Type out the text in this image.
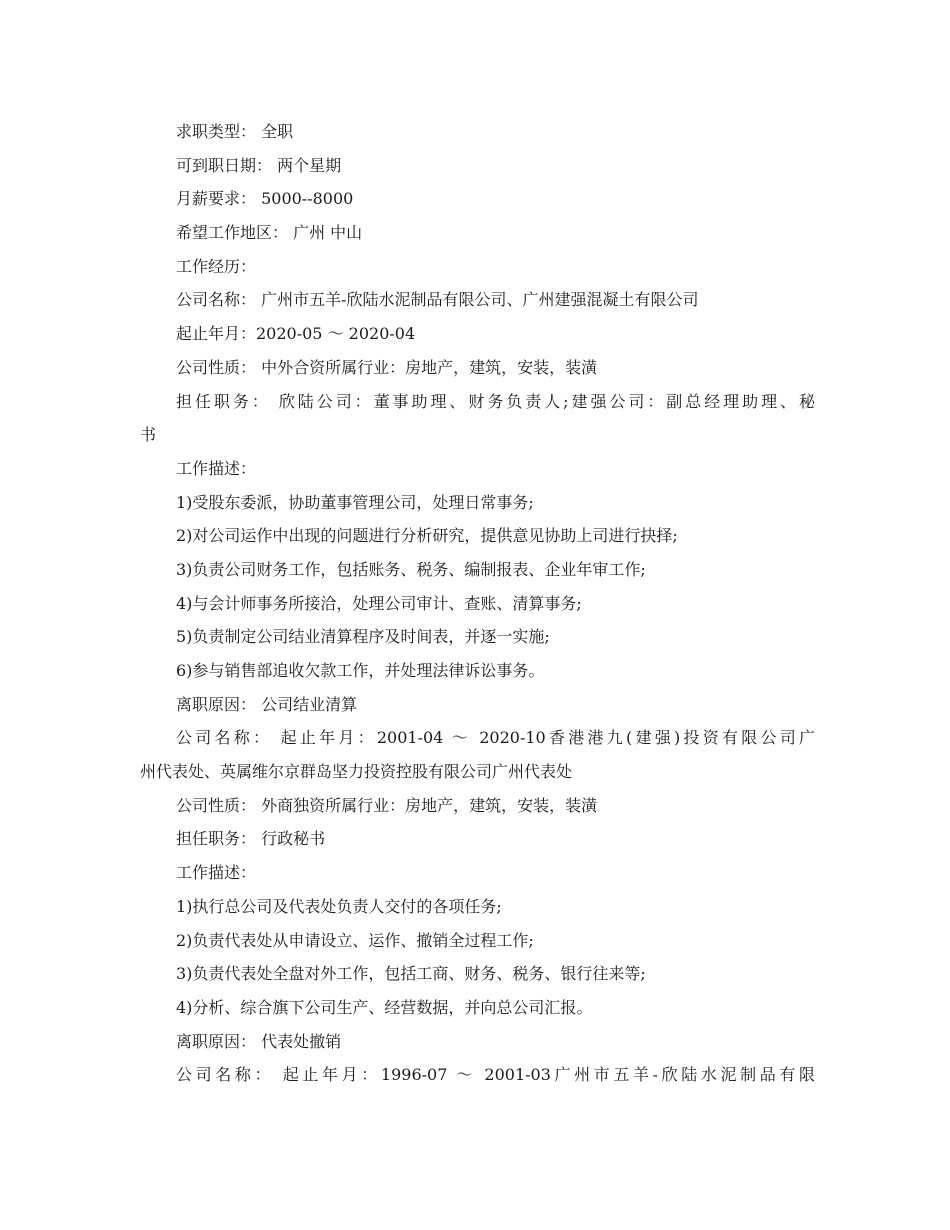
求职类型： 全职
可到职日期： 两个星期
月薪要求： 5000--8000
希望工作地区： 广州 中山
工作经历：
公司名称： 广州市五羊-欣陆水泥制品有限公司、广州建强混凝土有限公司
起止年月：2020-05 ～ 2020-04
公司性质： 中外合资所属行业：房地产，建筑，安装，装潢
担任职务： 欣陆公司：董事助理、财务负责人;建强公司：副总经理助理、秘
书
工作描述：
1)受股东委派，协助董事管理公司，处理日常事务;
2)对公司运作中出现的问题进行分析研究，提供意见协助上司进行抉择;
3)负责公司财务工作，包括账务、税务、编制报表、企业年审工作;
4)与会计师事务所接洽，处理公司审计、查账、清算事务;
5)负责制定公司结业清算程序及时间表，并逐一实施;
6)参与销售部追收欠款工作，并处理法律诉讼事务。
离职原因： 公司结业清算
公司名称： 起止年月：2001-04 ～ 2020-10香港港九(建强)投资有限公司广
州代表处、英属维尔京群岛坚力投资控股有限公司广州代表处
公司性质： 外商独资所属行业：房地产，建筑，安装，装潢
担任职务： 行政秘书
工作描述：
1)执行总公司及代表处负责人交付的各项任务;
2)负责代表处从申请设立、运作、撤销全过程工作;
3)负责代表处全盘对外工作，包括工商、财务、税务、银行往来等;
4)分析、综合旗下公司生产、经营数据，并向总公司汇报。
离职原因： 代表处撤销
公司名称： 起止年月：1996-07 ～ 2001-03广州市五羊-欣陆水泥制品有限
